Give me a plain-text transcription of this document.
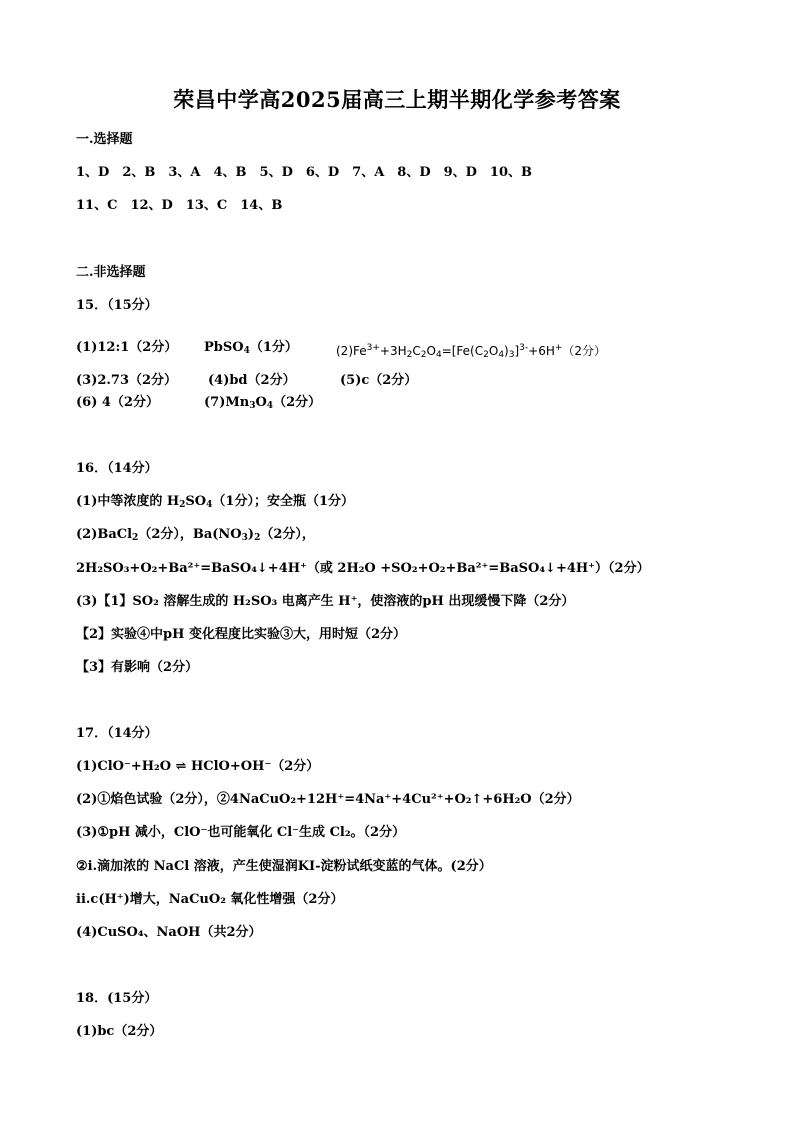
荣昌中学高2025届高三上期半期化学参考答案
一.选择题
1、D　2、B　3、A　4、B　5、D　6、D　7、A　8、D　9、D　10、B
11、C　12、D　13、C　14、B
二.非选择题
15．（15分）
(1)12:1（2分） PbSO$_4$（1分）	$(2)Fe^{3+}+3H_2C_2O_4=[Fe(C_2O_4)_3]^{3-}+6H^+(2$分）
(3)2.73（2分） (4)bd（2分）	(5)c（2分）
(6) 4（2分）	$(7)Mn_3O_4(2$分）
16．（14分）
(1)中等浓度的 $H_2SO_4(1$分）；安全瓶（1分）
(2)BaCl$_2$（2分），$Ba(NO_3)_2(2$分），
2H₂SO₃+O₂+Ba²⁺=BaSO₄↓+4H⁺（或 2H₂O +SO₂+O₂+Ba²⁺=BaSO₄↓+4H⁺）（2分）
(3)【1】SO₂ 溶解生成的 H₂SO₃ 电离产生 H⁺，使溶液的pH 出现缓慢下降（2分）
【2】实验④中pH 变化程度比实验③大，用时短（2分）
【3】有影响（2分）
17．（14分）
(1)ClO⁻+H₂O ⇌ HClO+OH⁻（2分）
(2)①焰色试验（2分），②4NaCuO₂+12H⁺=4Na⁺+4Cu²⁺+O₂↑+6H₂O（2分）
(3)①pH 减小，ClO⁻也可能氧化 Cl⁻生成 Cl₂。（2分）
②i.滴加浓的 NaCl 溶液，产生使湿润KI-淀粉试纸变蓝的气体。(2分）
ii.c(H⁺)增大，NaCuO₂ 氧化性增强（2分）
(4)CuSO₄、NaOH（共2分）
18．(15分）
(1)bc（2分）
